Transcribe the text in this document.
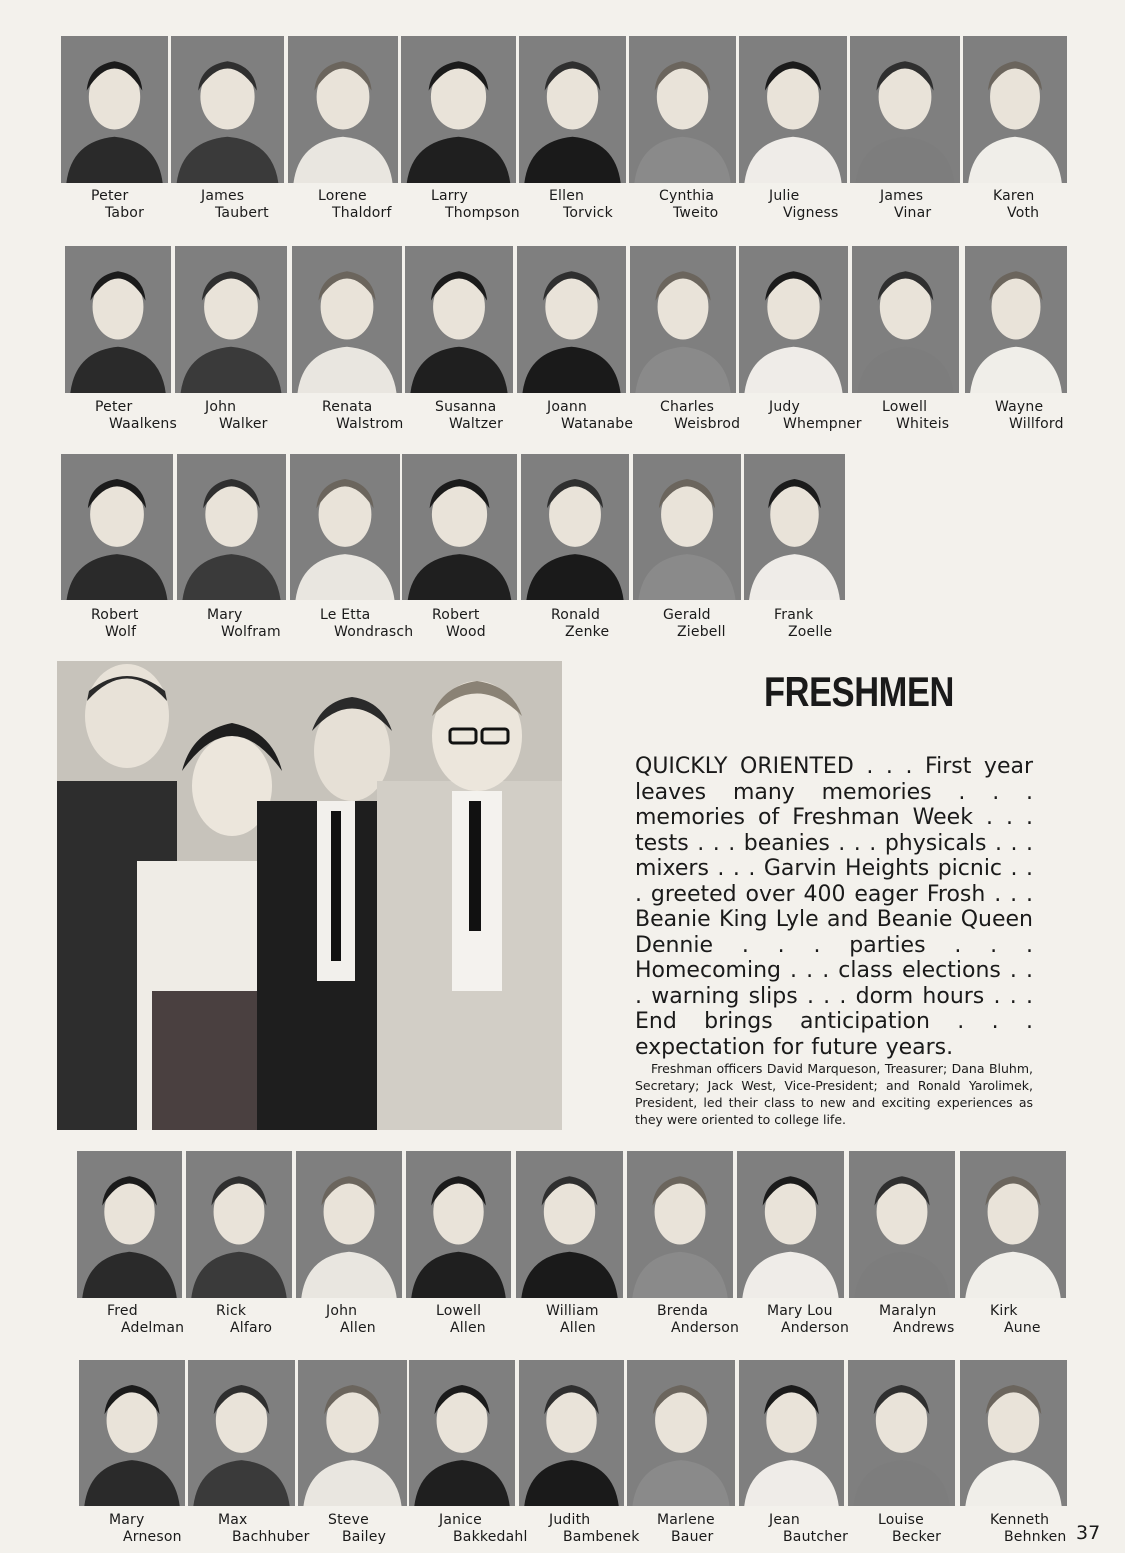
Peter
Tabor
James
Taubert
Lorene
Thaldorf
Larry
Thompson
Ellen
Torvick
Cynthia
Tweito
Julie
Vigness
James
Vinar
Karen
Voth
Peter
Waalkens
John
Walker
Renata
Walstrom
Susanna
Waltzer
Joann
Watanabe
Charles
Weisbrod
Judy
Whempner
Lowell
Whiteis
Wayne
Willford
Robert
Wolf
Mary
Wolfram
Le Etta
Wondrasch
Robert
Wood
Ronald
Zenke
Gerald
Ziebell
Frank
Zoelle
Fred
Adelman
Rick
Alfaro
John
Allen
Lowell
Allen
William
Allen
Brenda
Anderson
Mary Lou
Anderson
Maralyn
Andrews
Kirk
Aune
Mary
Arneson
Max
Bachhuber
Steve
Bailey
Janice
Bakkedahl
Judith
Bambenek
Marlene
Bauer
Jean
Bautcher
Louise
Becker
Kenneth
Behnken
FRESHMEN
QUICKLY ORIENTED . . . First year leaves many memories . . . memories of Freshman Week . . . tests . . . beanies . . . physicals . . . mixers . . . Garvin Heights picnic . . . greeted over 400 eager Frosh . . . Beanie King Lyle and Beanie Queen Dennie . . . parties . . . Homecoming . . . class elections . . . warning slips . . . dorm hours . . . End brings anticipation . . . expectation for future years.
Freshman officers David Marqueson, Treasurer; Dana Bluhm, Secretary; Jack West, Vice-President; and Ronald Yarolimek, President, led their class to new and exciting experiences as they were oriented to college life.
37
